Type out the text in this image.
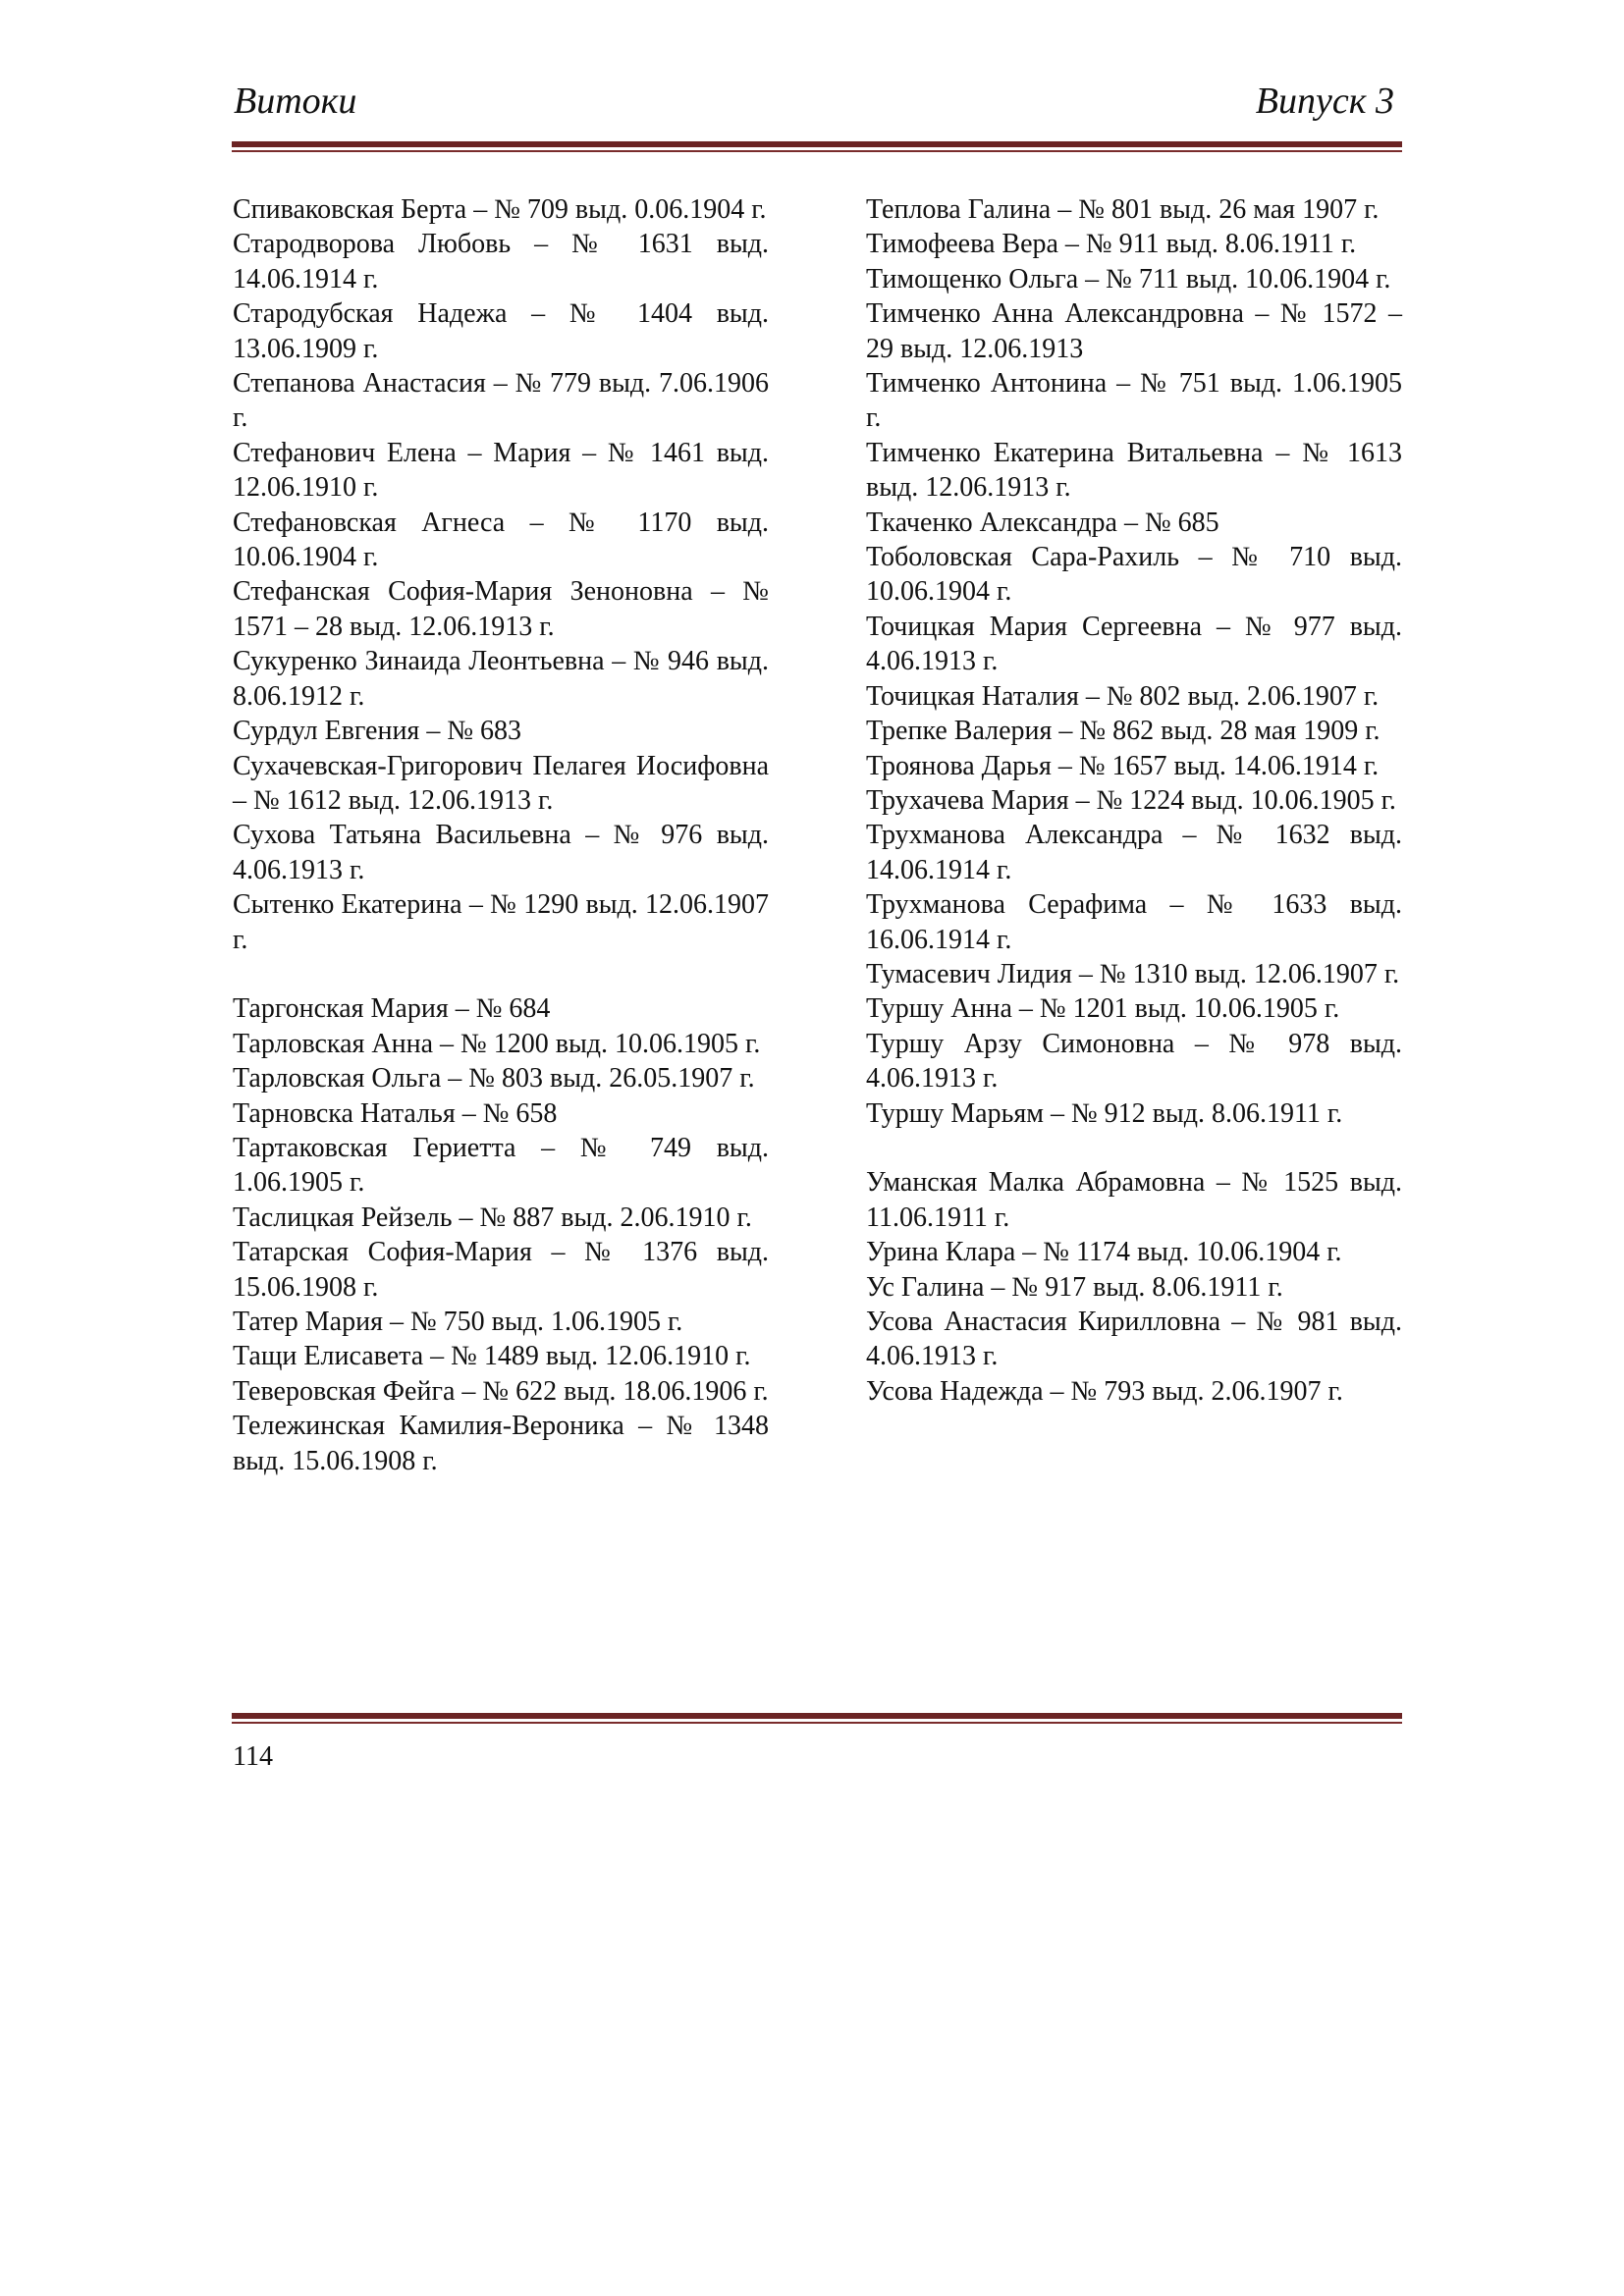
Витоки	Випуск 3

Спиваковская Берта – № 709 выд. 0.06.1904 г.

Стародворова Любовь – № 1631 выд. 14.06.1914 г.

Стародубская Надежа – № 1404 выд. 13.06.1909 г.

Степанова Анастасия – № 779 выд. 7.06.1906 г.

Стефанович Елена – Мария – № 1461 выд. 12.06.1910 г.

Стефановская Агнеса – № 1170 выд. 10.06.1904 г.

Стефанская София-Мария Зеноновна – № 1571 – 28 выд. 12.06.1913 г.

Сукуренко Зинаида Леонтьевна – № 946 выд. 8.06.1912 г.

Сурдул Евгения – № 683

Сухачевская-Григорович Пелагея Иосифовна – № 1612 выд. 12.06.1913 г.

Сухова Татьяна Васильевна – № 976 выд. 4.06.1913 г.

Сытенко Екатерина – № 1290 выд. 12.06.1907 г.

Таргонская Мария – № 684

Тарловская Анна – № 1200 выд. 10.06.1905 г.

Тарловская Ольга – № 803 выд. 26.05.1907 г.

Тарновска Наталья – № 658

Тартаковская Гериетта – № 749 выд. 1.06.1905 г.

Таслицкая Рейзель – № 887 выд. 2.06.1910 г.

Татарская София-Мария – № 1376 выд. 15.06.1908 г.

Татер Мария – № 750 выд. 1.06.1905 г.

Тащи Елисавета – № 1489 выд. 12.06.1910 г.

Теверовская Фейга – № 622 выд. 18.06.1906 г.

Тележинская Камилия-Вероника – № 1348 выд. 15.06.1908 г.

Теплова Галина – № 801 выд. 26 мая 1907 г.

Тимофеева Вера – № 911 выд. 8.06.1911 г.

Тимощенко Ольга – № 711 выд. 10.06.1904 г.

Тимченко Анна Александровна – № 1572 – 29 выд. 12.06.1913

Тимченко Антонина – № 751 выд. 1.06.1905 г.

Тимченко Екатерина Витальевна – № 1613 выд. 12.06.1913 г.

Ткаченко Александра – № 685

Тоболовская Сара-Рахиль – № 710 выд. 10.06.1904 г.

Точицкая Мария Сергеевна – № 977 выд. 4.06.1913 г.

Точицкая Наталия – № 802 выд. 2.06.1907 г.

Трепке Валерия – № 862 выд. 28 мая 1909 г.

Троянова Дарья – № 1657 выд. 14.06.1914 г.

Трухачева Мария – № 1224 выд. 10.06.1905 г.

Трухманова Александра – № 1632 выд. 14.06.1914 г.

Трухманова Серафима – № 1633 выд. 16.06.1914 г.

Тумасевич Лидия – № 1310 выд. 12.06.1907 г.

Туршу Анна – № 1201 выд. 10.06.1905 г.

Туршу Арзу Симоновна – № 978 выд. 4.06.1913 г.

Туршу Марьям – № 912 выд. 8.06.1911 г.

Уманская Малка Абрамовна – № 1525 выд. 11.06.1911 г.

Урина Клара – № 1174 выд. 10.06.1904 г.

Ус Галина – № 917 выд. 8.06.1911 г.

Усова Анастасия Кирилловна – № 981 выд. 4.06.1913 г.

Усова Надежда – № 793 выд. 2.06.1907 г.

114
